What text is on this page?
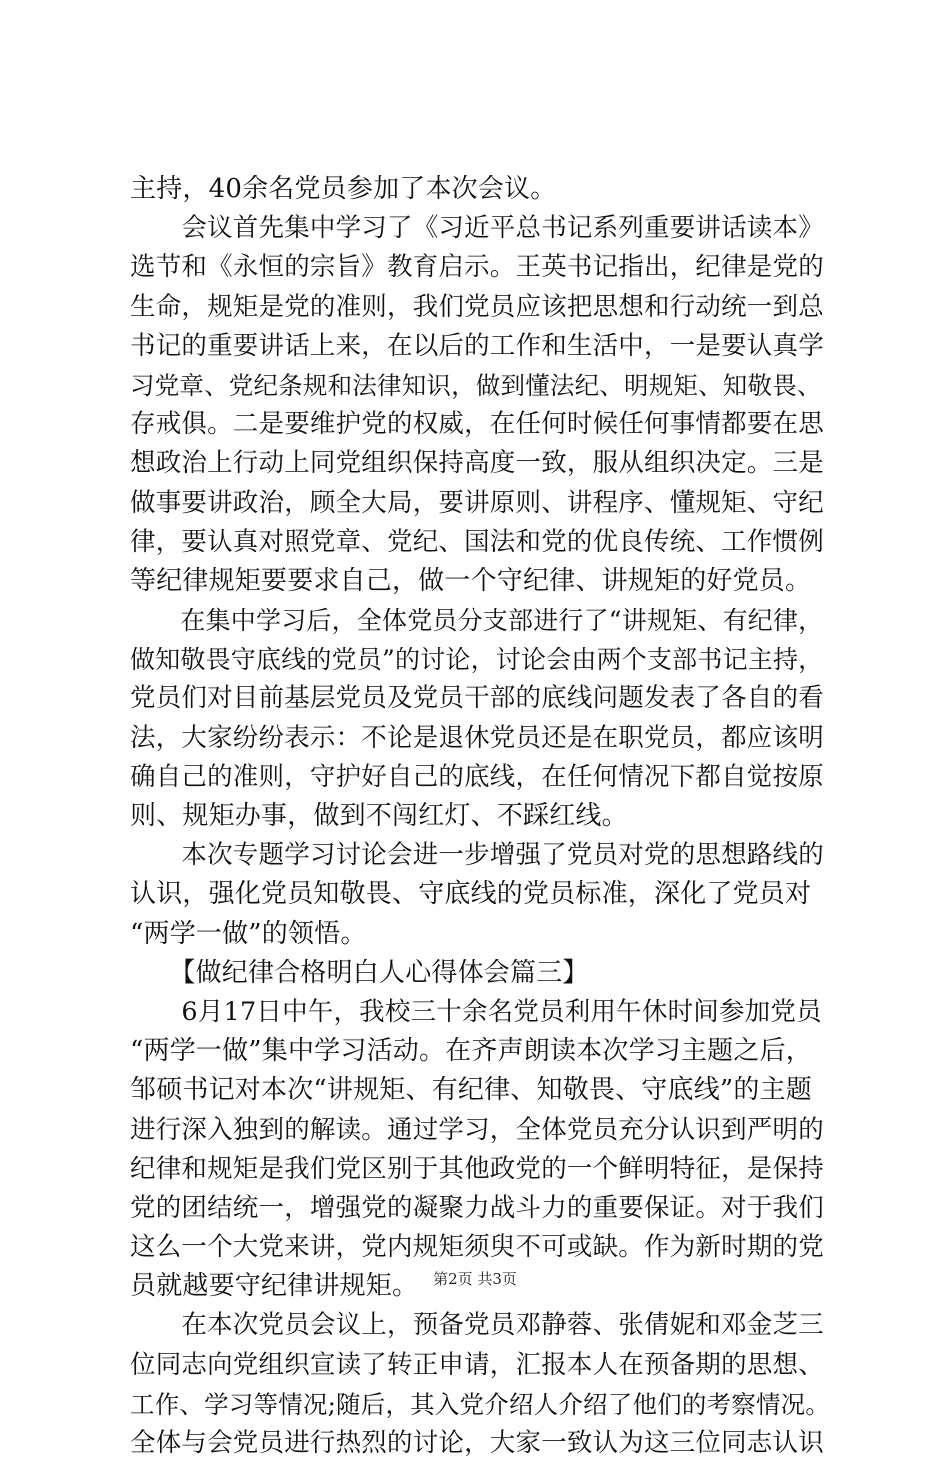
主持，40余名党员参加了本次会议。
　　会议首先集中学习了《习近平总书记系列重要讲话读本》
选节和《永恒的宗旨》教育启示。王英书记指出，纪律是党的
生命，规矩是党的准则，我们党员应该把思想和行动统一到总
书记的重要讲话上来，在以后的工作和生活中，一是要认真学
习党章、党纪条规和法律知识，做到懂法纪、明规矩、知敬畏、
存戒俱。二是要维护党的权威，在任何时候任何事情都要在思
想政治上行动上同党组织保持高度一致，服从组织决定。三是
做事要讲政治，顾全大局，要讲原则、讲程序、懂规矩、守纪
律，要认真对照党章、党纪、国法和党的优良传统、工作惯例
等纪律规矩要要求自己，做一个守纪律、讲规矩的好党员。
　　在集中学习后，全体党员分支部进行了“讲规矩、有纪律，
做知敬畏守底线的党员”的讨论，讨论会由两个支部书记主持，
党员们对目前基层党员及党员干部的底线问题发表了各自的看
法，大家纷纷表示：不论是退休党员还是在职党员，都应该明
确自己的准则，守护好自己的底线，在任何情况下都自觉按原
则、规矩办事，做到不闯红灯、不踩红线。
　　本次专题学习讨论会进一步增强了党员对党的思想路线的
认识，强化党员知敬畏、守底线的党员标准，深化了党员对
“两学一做”的领悟。
　　【做纪律合格明白人心得体会篇三】
　　6月17日中午，我校三十余名党员利用午休时间参加党员
“两学一做”集中学习活动。在齐声朗读本次学习主题之后，
邹硕书记对本次“讲规矩、有纪律、知敬畏、守底线”的主题
进行深入独到的解读。通过学习，全体党员充分认识到严明的
纪律和规矩是我们党区别于其他政党的一个鲜明特征，是保持
党的团结统一，增强党的凝聚力战斗力的重要保证。对于我们
这么一个大党来讲，党内规矩须臾不可或缺。作为新时期的党
员就越要守纪律讲规矩。
　　在本次党员会议上，预备党员邓静蓉、张倩妮和邓金芝三
位同志向党组织宣读了转正申请，汇报本人在预备期的思想、
工作、学习等情况;随后，其入党介绍人介绍了他们的考察情况。
全体与会党员进行热烈的讨论，大家一致认为这三位同志认识
第2页 共3页
